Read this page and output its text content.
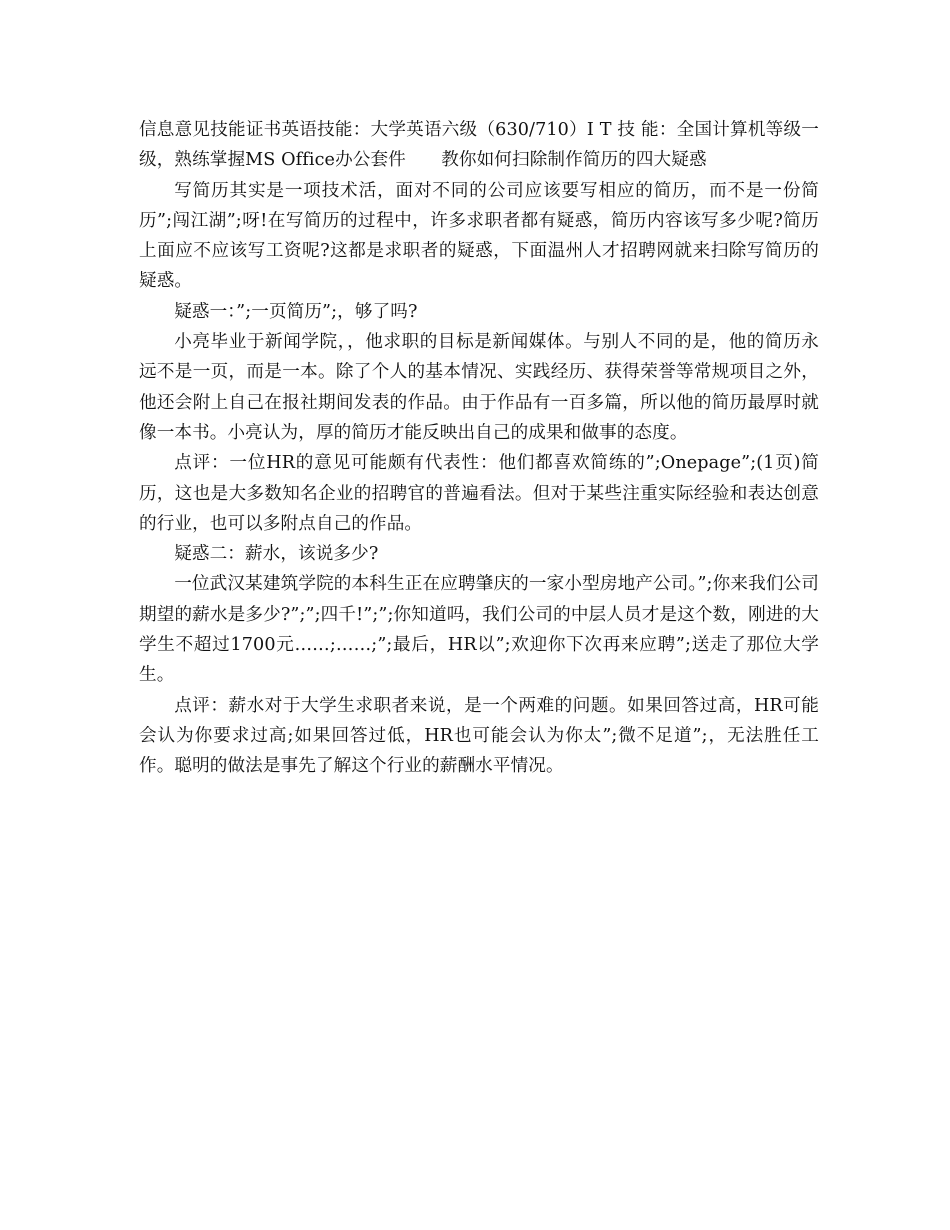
信息意见技能证书英语技能：大学英语六级（630/710）I T 技 能：全国计算机等级一级，熟练掌握MS Office办公套件　　教你如何扫除制作简历的四大疑惑

写简历其实是一项技术活，面对不同的公司应该要写相应的简历，而不是一份简历”;闯江湖”;呀!在写简历的过程中，许多求职者都有疑惑，简历内容该写多少呢?简历上面应不应该写工资呢?这都是求职者的疑惑，下面温州人才招聘网就来扫除写简历的疑惑。

疑惑一：”;一页简历”;，够了吗?

小亮毕业于新闻学院，，他求职的目标是新闻媒体。与别人不同的是，他的简历永远不是一页，而是一本。除了个人的基本情况、实践经历、获得荣誉等常规项目之外，他还会附上自己在报社期间发表的作品。由于作品有一百多篇，所以他的简历最厚时就像一本书。小亮认为，厚的简历才能反映出自己的成果和做事的态度。

点评：一位HR的意见可能颇有代表性：他们都喜欢简练的”;Onepage”;(1页)简历，这也是大多数知名企业的招聘官的普遍看法。但对于某些注重实际经验和表达创意的行业，也可以多附点自己的作品。

疑惑二：薪水，该说多少?

一位武汉某建筑学院的本科生正在应聘肇庆的一家小型房地产公司。”;你来我们公司期望的薪水是多少?”;”;四千!”;”;你知道吗，我们公司的中层人员才是这个数，刚进的大学生不超过1700元……;……;”;最后，HR以”;欢迎你下次再来应聘”;送走了那位大学生。

点评：薪水对于大学生求职者来说，是一个两难的问题。如果回答过高，HR可能会认为你要求过高;如果回答过低，HR也可能会认为你太”;微不足道”;，无法胜任工作。聪明的做法是事先了解这个行业的薪酬水平情况。
